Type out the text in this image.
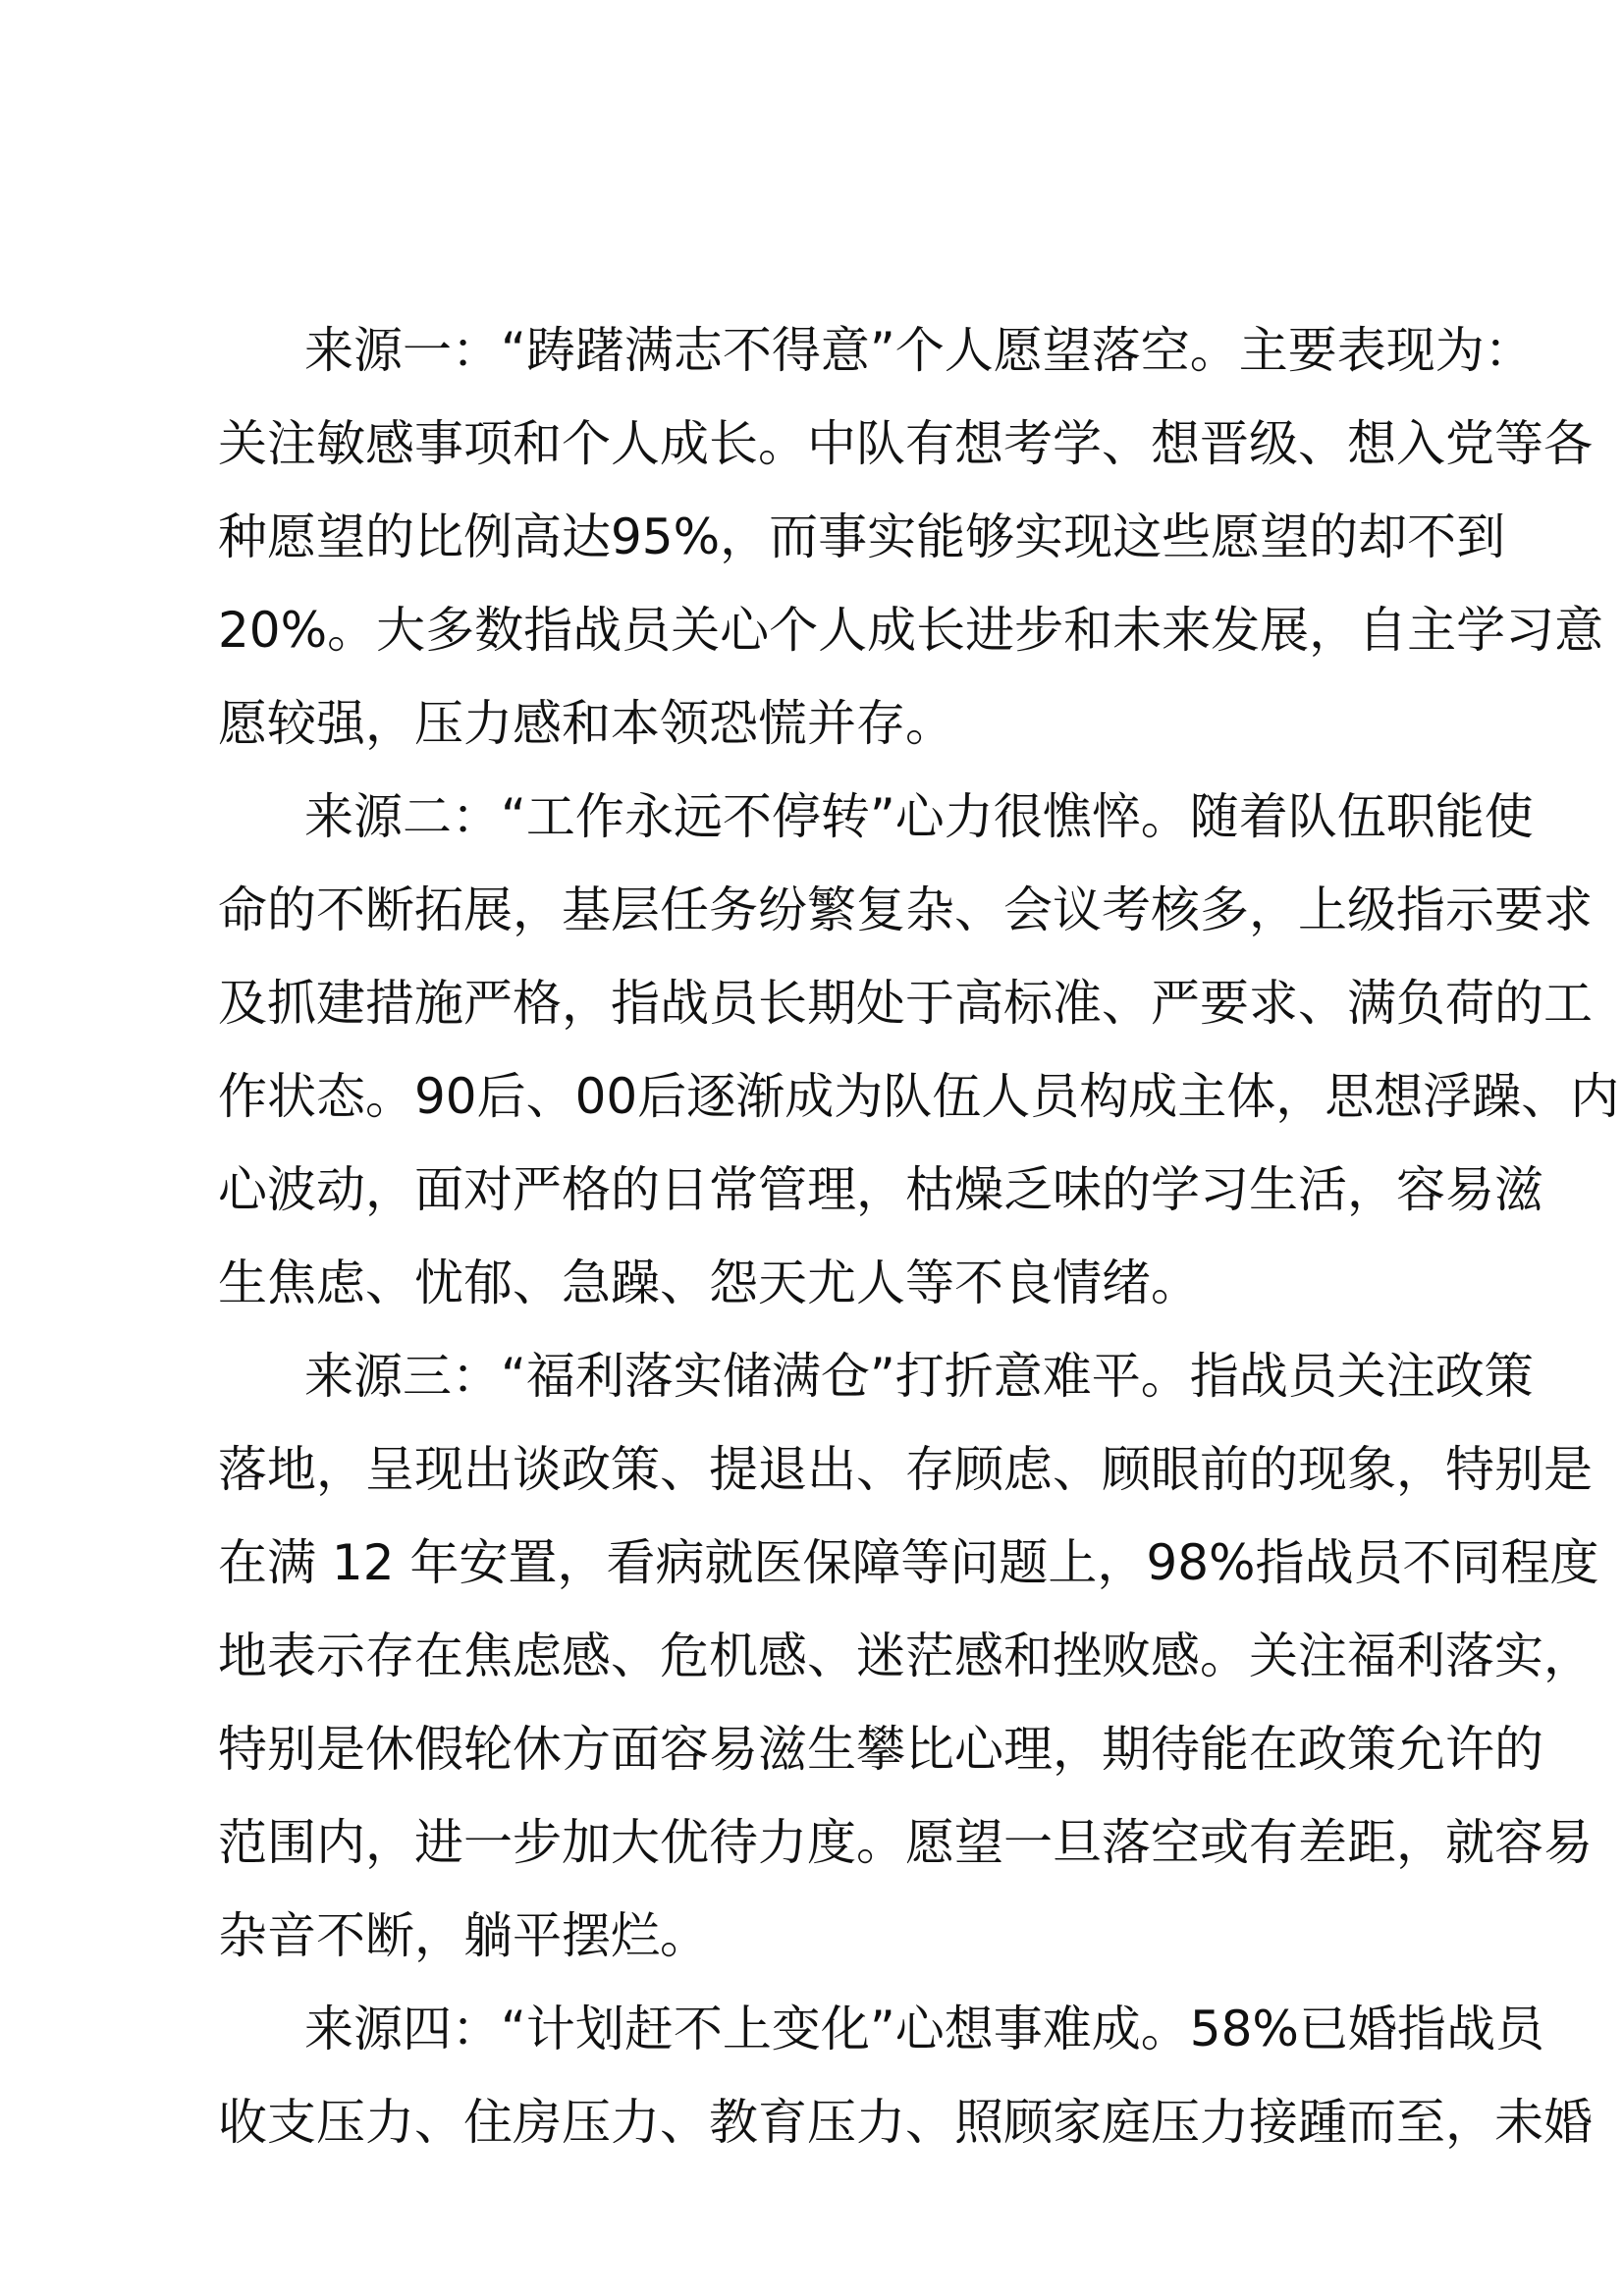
来源一：“踌躇满志不得意”个人愿望落空。主要表现为：
关注敏感事项和个人成长。中队有想考学、想晋级、想入党等各
种愿望的比例高达95%，而事实能够实现这些愿望的却不到
20%。大多数指战员关心个人成长进步和未来发展，自主学习意
愿较强，压力感和本领恐慌并存。
来源二：“工作永远不停转”心力很憔悴。随着队伍职能使
命的不断拓展，基层任务纷繁复杂、会议考核多，上级指示要求
及抓建措施严格，指战员长期处于高标准、严要求、满负荷的工
作状态。90后、00后逐渐成为队伍人员构成主体，思想浮躁、内
心波动，面对严格的日常管理，枯燥乏味的学习生活，容易滋
生焦虑、忧郁、急躁、怨天尤人等不良情绪。
来源三：“福利落实储满仓”打折意难平。指战员关注政策
落地，呈现出谈政策、提退出、存顾虑、顾眼前的现象，特别是
在满 12 年安置，看病就医保障等问题上，98%指战员不同程度
地表示存在焦虑感、危机感、迷茫感和挫败感。关注福利落实，
特别是休假轮休方面容易滋生攀比心理，期待能在政策允许的
范围内，进一步加大优待力度。愿望一旦落空或有差距，就容易
杂音不断，躺平摆烂。
来源四：“计划赶不上变化”心想事难成。58%已婚指战员
收支压力、住房压力、教育压力、照顾家庭压力接踵而至，未婚
